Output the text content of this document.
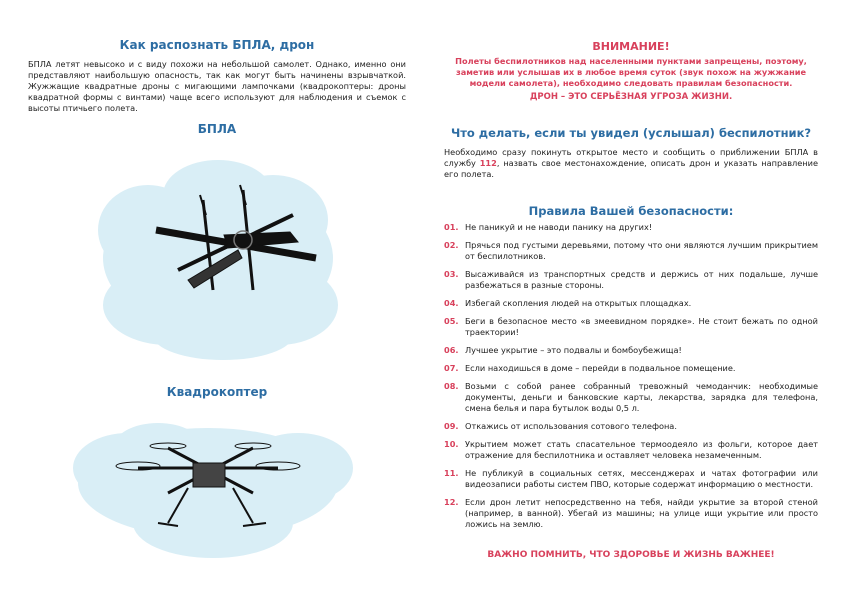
Как распознать БПЛА, дрон
БПЛА летят невысоко и с виду похожи на небольшой самолет. Однако, именно они представляют наибольшую опасность, так как могут быть начинены взрывчаткой. Жужжащие квадратные дроны с мигающими лампочками (квадрокоптеры: дроны квадратной формы с винтами) чаще всего используют для наблюдения и съемок с высоты птичьего полета.
БПЛА
Квадрокоптер
ВНИМАНИЕ!
Полеты беспилотников над населенными пунктами запрещены, поэтому, заметив или услышав их в любое время суток (звук похож на жужжание модели самолета), необходимо следовать правилам безопасности.
ДРОН – ЭТО СЕРЬЁЗНАЯ УГРОЗА ЖИЗНИ.
Что делать, если ты увидел (услышал) беспилотник?
Необходимо сразу покинуть открытое место и сообщить о приближении БПЛА в службу 112, назвать свое местонахождение, описать дрон и указать направление его полета.
Правила Вашей безопасности:
01. Не паникуй и не наводи панику на других!
02. Прячься под густыми деревьями, потому что они являются лучшим прикрытием от беспилотников.
03. Высаживайся из транспортных средств и держись от них подальше, лучше разбежаться в разные стороны.
04. Избегай скопления людей на открытых площадках.
05. Беги в безопасное место «в змеевидном порядке». Не стоит бежать по одной траектории!
06. Лучшее укрытие – это подвалы и бомбоубежища!
07. Если находишься в доме – перейди в подвальное помещение.
08. Возьми с собой ранее собранный тревожный чемоданчик: необходимые документы, деньги и банковские карты, лекарства, зарядка для телефона, смена белья и пара бутылок воды 0,5 л.
09. Откажись от использования сотового телефона.
10. Укрытием может стать спасательное термоодеяло из фольги, которое дает отражение для беспилотника и оставляет человека незамеченным.
11. Не публикуй в социальных сетях, мессенджерах и чатах фотографии или видеозаписи работы систем ПВО, которые содержат информацию о местности.
12. Если дрон летит непосредственно на тебя, найди укрытие за второй стеной (например, в ванной). Убегай из машины; на улице ищи укрытие или просто ложись на землю.
ВАЖНО ПОМНИТЬ, ЧТО ЗДОРОВЬЕ И ЖИЗНЬ ВАЖНЕЕ!
